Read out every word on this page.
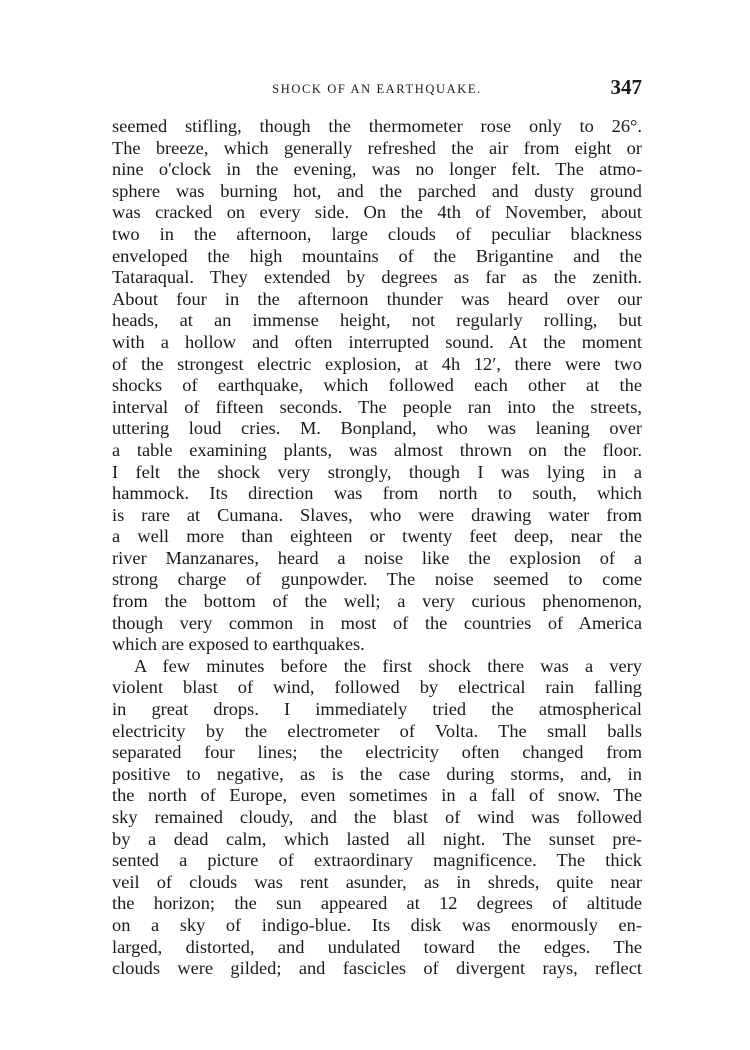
SHOCK OF AN EARTHQUAKE.	347
seemed stifling, though the thermometer rose only to 26°.
The breeze, which generally refreshed the air from eight or
nine o'clock in the evening, was no longer felt. The atmo-
sphere was burning hot, and the parched and dusty ground
was cracked on every side. On the 4th of November, about
two in the afternoon, large clouds of peculiar blackness
enveloped the high mountains of the Brigantine and the
Tataraqual. They extended by degrees as far as the zenith.
About four in the afternoon thunder was heard over our
heads, at an immense height, not regularly rolling, but
with a hollow and often interrupted sound. At the moment
of the strongest electric explosion, at 4h 12′, there were two
shocks of earthquake, which followed each other at the
interval of fifteen seconds. The people ran into the streets,
uttering loud cries. M. Bonpland, who was leaning over
a table examining plants, was almost thrown on the floor.
I felt the shock very strongly, though I was lying in a
hammock. Its direction was from north to south, which
is rare at Cumana. Slaves, who were drawing water from
a well more than eighteen or twenty feet deep, near the
river Manzanares, heard a noise like the explosion of a
strong charge of gunpowder. The noise seemed to come
from the bottom of the well; a very curious phenomenon,
though very common in most of the countries of America
which are exposed to earthquakes.
A few minutes before the first shock there was a very
violent blast of wind, followed by electrical rain falling
in great drops. I immediately tried the atmospherical
electricity by the electrometer of Volta. The small balls
separated four lines; the electricity often changed from
positive to negative, as is the case during storms, and, in
the north of Europe, even sometimes in a fall of snow. The
sky remained cloudy, and the blast of wind was followed
by a dead calm, which lasted all night. The sunset pre-
sented a picture of extraordinary magnificence. The thick
veil of clouds was rent asunder, as in shreds, quite near
the horizon; the sun appeared at 12 degrees of altitude
on a sky of indigo-blue. Its disk was enormously en-
larged, distorted, and undulated toward the edges. The
clouds were gilded; and fascicles of divergent rays, reflect
